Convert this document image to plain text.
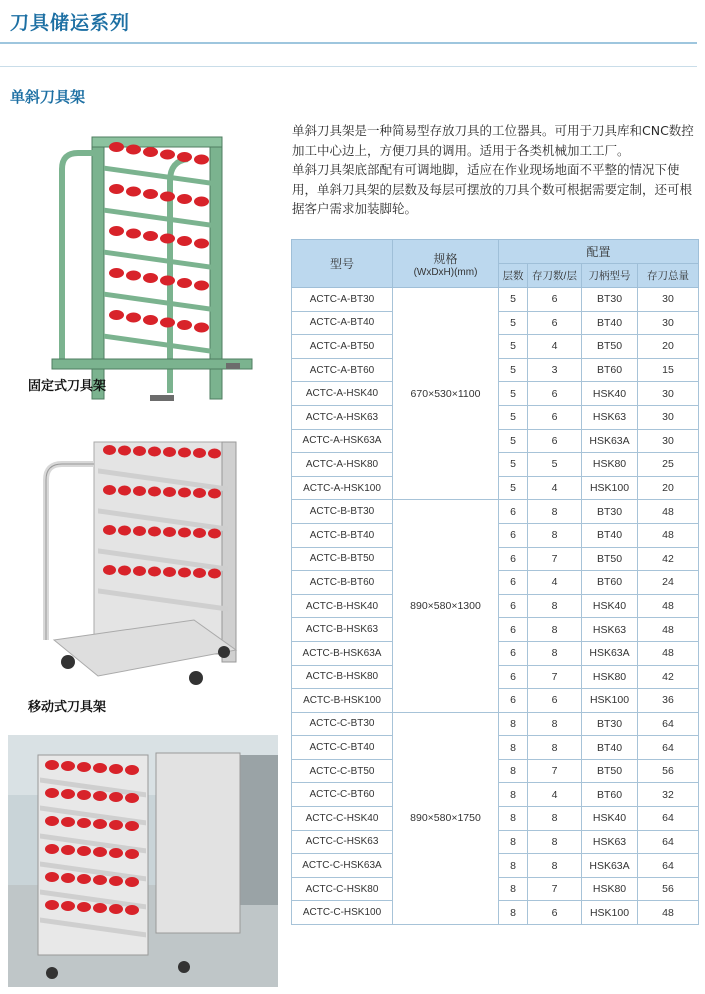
刀具储运系列
单斜刀具架

单斜刀具架是一种简易型存放刀具的工位器具。可用于刀具库和CNC数控加工中心边上，方便刀具的调用。适用于各类机械加工工厂。

单斜刀具架底部配有可调地脚，适应在作业现场地面不平整的情况下使用，单斜刀具架的层数及每层可摆放的刀具个数可根据需要定制，还可根据客户需求加装脚轮。

固定式刀具架
移动式刀具架
型号	规格
(WxDxH)(mm)	配置			
		层数	存刀数/层	刀柄型号	存刀总量
ACTC-A-BT30	670×530×1100	5	6	BT30	30
ACTC-A-BT40		5	6	BT40	30
ACTC-A-BT50		5	4	BT50	20
ACTC-A-BT60		5	3	BT60	15
ACTC-A-HSK40		5	6	HSK40	30
ACTC-A-HSK63		5	6	HSK63	30
ACTC-A-HSK63A		5	6	HSK63A	30
ACTC-A-HSK80		5	5	HSK80	25
ACTC-A-HSK100		5	4	HSK100	20
ACTC-B-BT30	890×580×1300	6	8	BT30	48
ACTC-B-BT40		6	8	BT40	48
ACTC-B-BT50		6	7	BT50	42
ACTC-B-BT60		6	4	BT60	24
ACTC-B-HSK40		6	8	HSK40	48
ACTC-B-HSK63		6	8	HSK63	48
ACTC-B-HSK63A		6	8	HSK63A	48
ACTC-B-HSK80		6	7	HSK80	42
ACTC-B-HSK100		6	6	HSK100	36
ACTC-C-BT30	890×580×1750	8	8	BT30	64
ACTC-C-BT40		8	8	BT40	64
ACTC-C-BT50		8	7	BT50	56
ACTC-C-BT60		8	4	BT60	32
ACTC-C-HSK40		8	8	HSK40	64
ACTC-C-HSK63		8	8	HSK63	64
ACTC-C-HSK63A		8	8	HSK63A	64
ACTC-C-HSK80		8	7	HSK80	56
ACTC-C-HSK100		8	6	HSK100	48
